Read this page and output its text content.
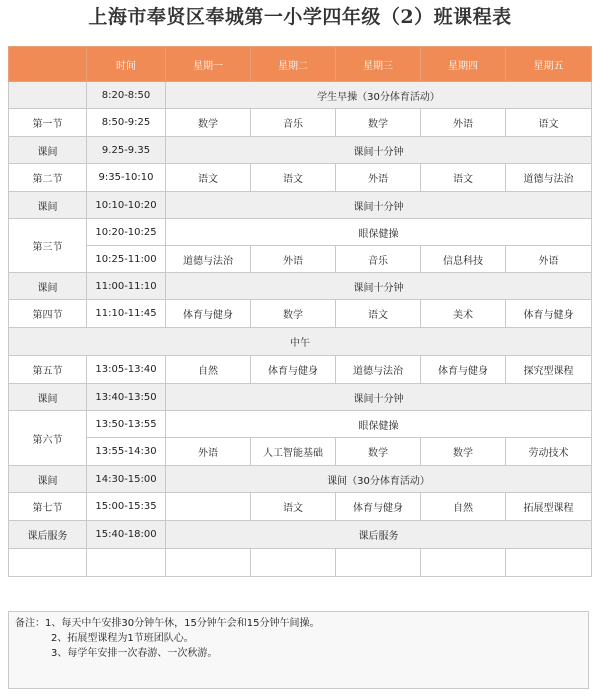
上海市奉贤区奉城第一小学四年级（2）班课程表
	时间	星期一	星期二	星期三	星期四	星期五
	8:20-8:50	学生早操（30分体育活动）				
第一节	8:50-9:25	数学	音乐	数学	外语	语文
课间	9.25-9.35	课间十分钟				
第二节	9:35-10:10	语文	语文	外语	语文	道德与法治
课间	10:10-10:20	课间十分钟				
第三节	10:20-10:25	眼保健操				
	10:25-11:00	道德与法治	外语	音乐	信息科技	外语
课间	11:00-11:10	课间十分钟				
第四节	11:10-11:45	体育与健身	数学	语文	美术	体育与健身
中午						
第五节	13:05-13:40	自然	体育与健身	道德与法治	体育与健身	探究型课程
课间	13:40-13:50	课间十分钟				
第六节	13:50-13:55	眼保健操				
	13:55-14:30	外语	人工智能基础	数学	数学	劳动技术
课间	14:30-15:00	课间（30分体育活动）				
第七节	15:00-15:35		语文	体育与健身	自然	拓展型课程
课后服务	15:40-18:00	课后服务				

备注：1、每天中午安排30分钟午休，15分钟午会和15分钟午间操。
2、拓展型课程为1节班团队心。
3、每学年安排一次春游、一次秋游。
